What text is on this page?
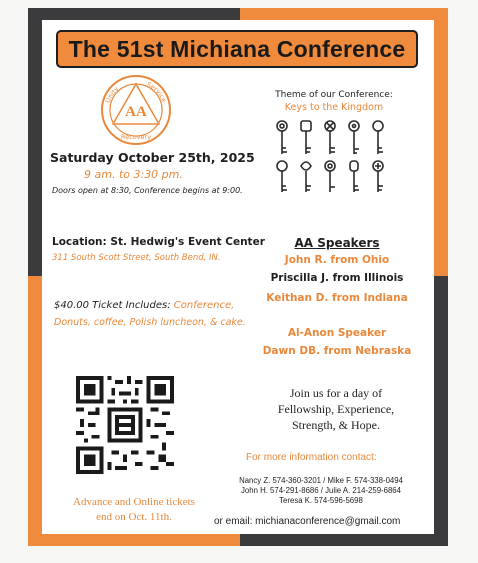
The 51st Michiana Conference
AA
Unity	Service
Recovery
Saturday October 25th, 2025
9 am. to 3:30 pm.
Doors open at 8:30, Conference begins at 9:00.
Location: St. Hedwig's Event Center
311 South Scott Street, South Bend, IN.
$40.00 Ticket Includes: Conference,
Donuts, coffee, Polish luncheon, & cake.
Theme of our Conference:
Keys to the Kingdom
AA Speakers
John R. from Ohio
Priscilla J. from Illinois
Keithan D. from Indiana
Al-Anon Speaker
Dawn DB. from Nebraska
Join us for a day of
Fellowship, Experience,
Strength, & Hope.
For more information contact:
Nancy Z. 574-360-3201 / Mike F. 574-338-0494
John H. 574-291-8686 / Julie A. 214-259-6864
Teresa K. 574-596-5698
or email: michianaconference@gmail.com
Advance and Online tickets
end on Oct. 11th.
